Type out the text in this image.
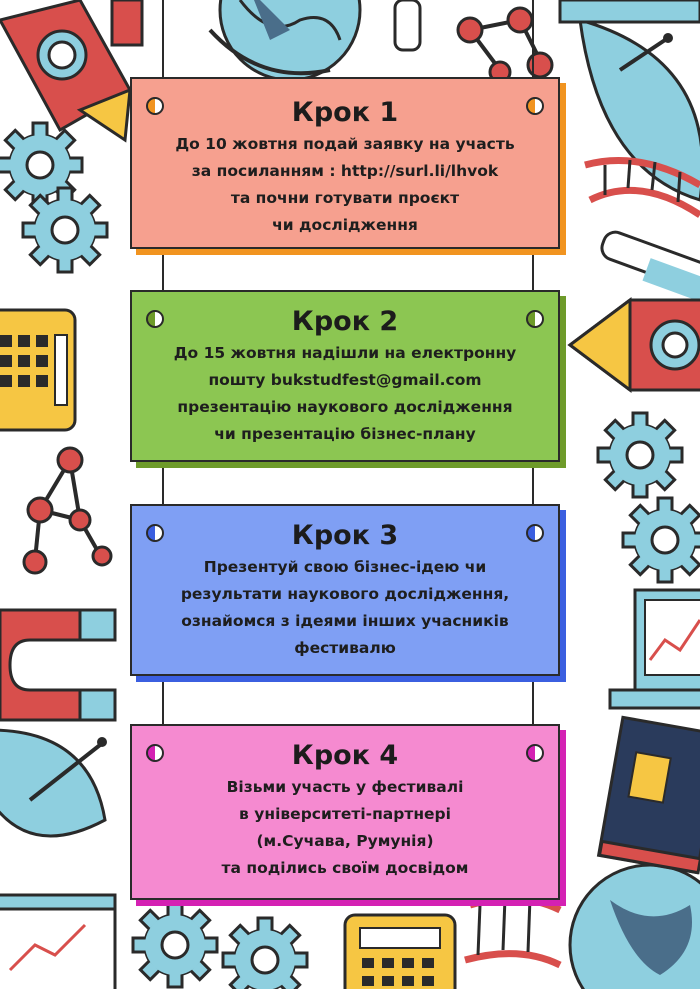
Крок 1
До 10 жовтня подай заявку на участь
за посиланням : http://surl.li/lhvok
та почни готувати проєкт
чи дослідження
Крок 2
До 15 жовтня надішли на електронну
пошту bukstudfest@gmail.com
презентацію наукового дослідження
чи презентацію бізнес-плану
Крок 3
Презентуй свою бізнес-ідею чи
результати наукового дослідження,
ознайомся з ідеями інших учасників
фестивалю
Крок 4
Візьми участь у фестивалі
в університеті-партнері
(м.Сучава, Румунія)
та поділись своїм досвідом
